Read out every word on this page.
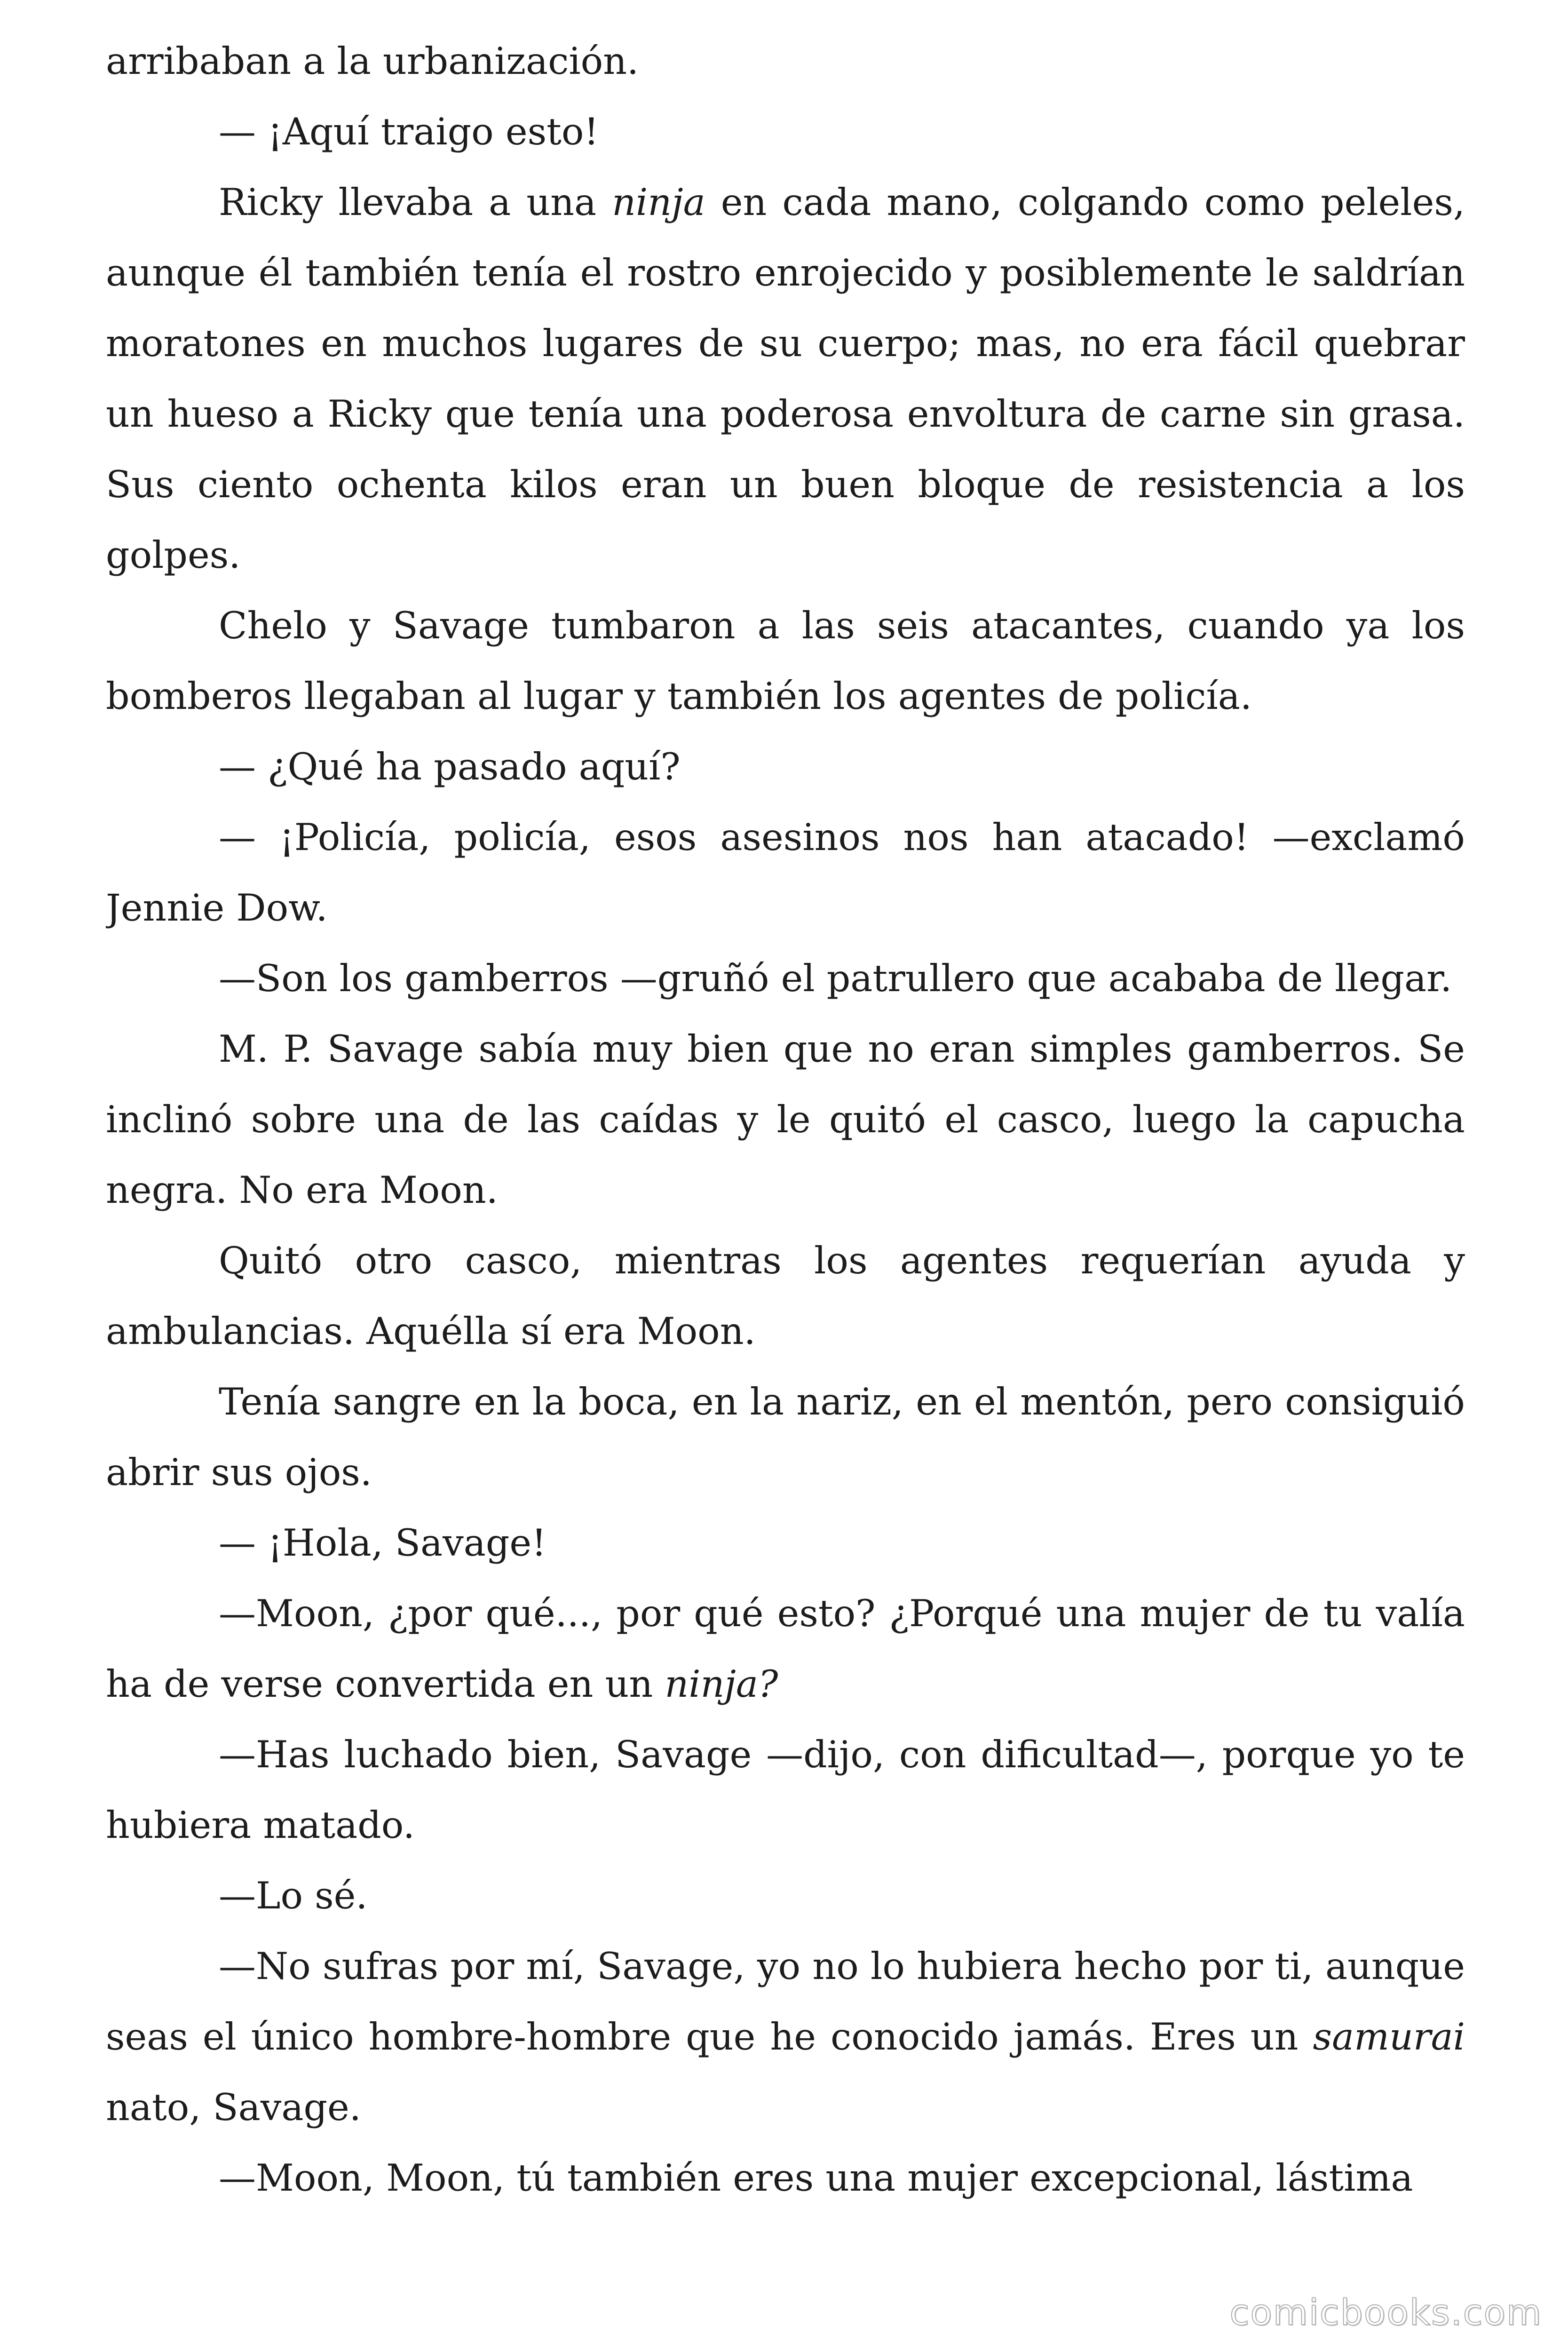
arribaban a la urbanización.

— ¡Aquí traigo esto!

Ricky llevaba a una ninja en cada mano, colgando como peleles, aunque él también tenía el rostro enrojecido y posiblemente le saldrían moratones en muchos lugares de su cuerpo; mas, no era fácil quebrar un hueso a Ricky que tenía una poderosa envoltura de carne sin grasa. Sus ciento ochenta kilos eran un buen bloque de resistencia a los golpes.

Chelo y Savage tumbaron a las seis atacantes, cuando ya los bomberos llegaban al lugar y también los agentes de policía.

— ¿Qué ha pasado aquí?

— ¡Policía, policía, esos asesinos nos han atacado! —exclamó Jennie Dow.

—Son los gamberros —gruñó el patrullero que acababa de llegar.

M. P. Savage sabía muy bien que no eran simples gamberros. Se inclinó sobre una de las caídas y le quitó el casco, luego la capucha negra. No era Moon.

Quitó otro casco, mientras los agentes requerían ayuda y ambulancias. Aquélla sí era Moon.

Tenía sangre en la boca, en la nariz, en el mentón, pero consiguió abrir sus ojos.

— ¡Hola, Savage!

—Moon, ¿por qué..., por qué esto? ¿Porqué una mujer de tu valía ha de verse convertida en un ninja?

—Has luchado bien, Savage —dijo, con dificultad—, porque yo te hubiera matado.

—Lo sé.

—No sufras por mí, Savage, yo no lo hubiera hecho por ti, aunque seas el único hombre-hombre que he conocido jamás. Eres un samurai nato, Savage.

—Moon, Moon, tú también eres una mujer excepcional, lástima

comicbooks.com
